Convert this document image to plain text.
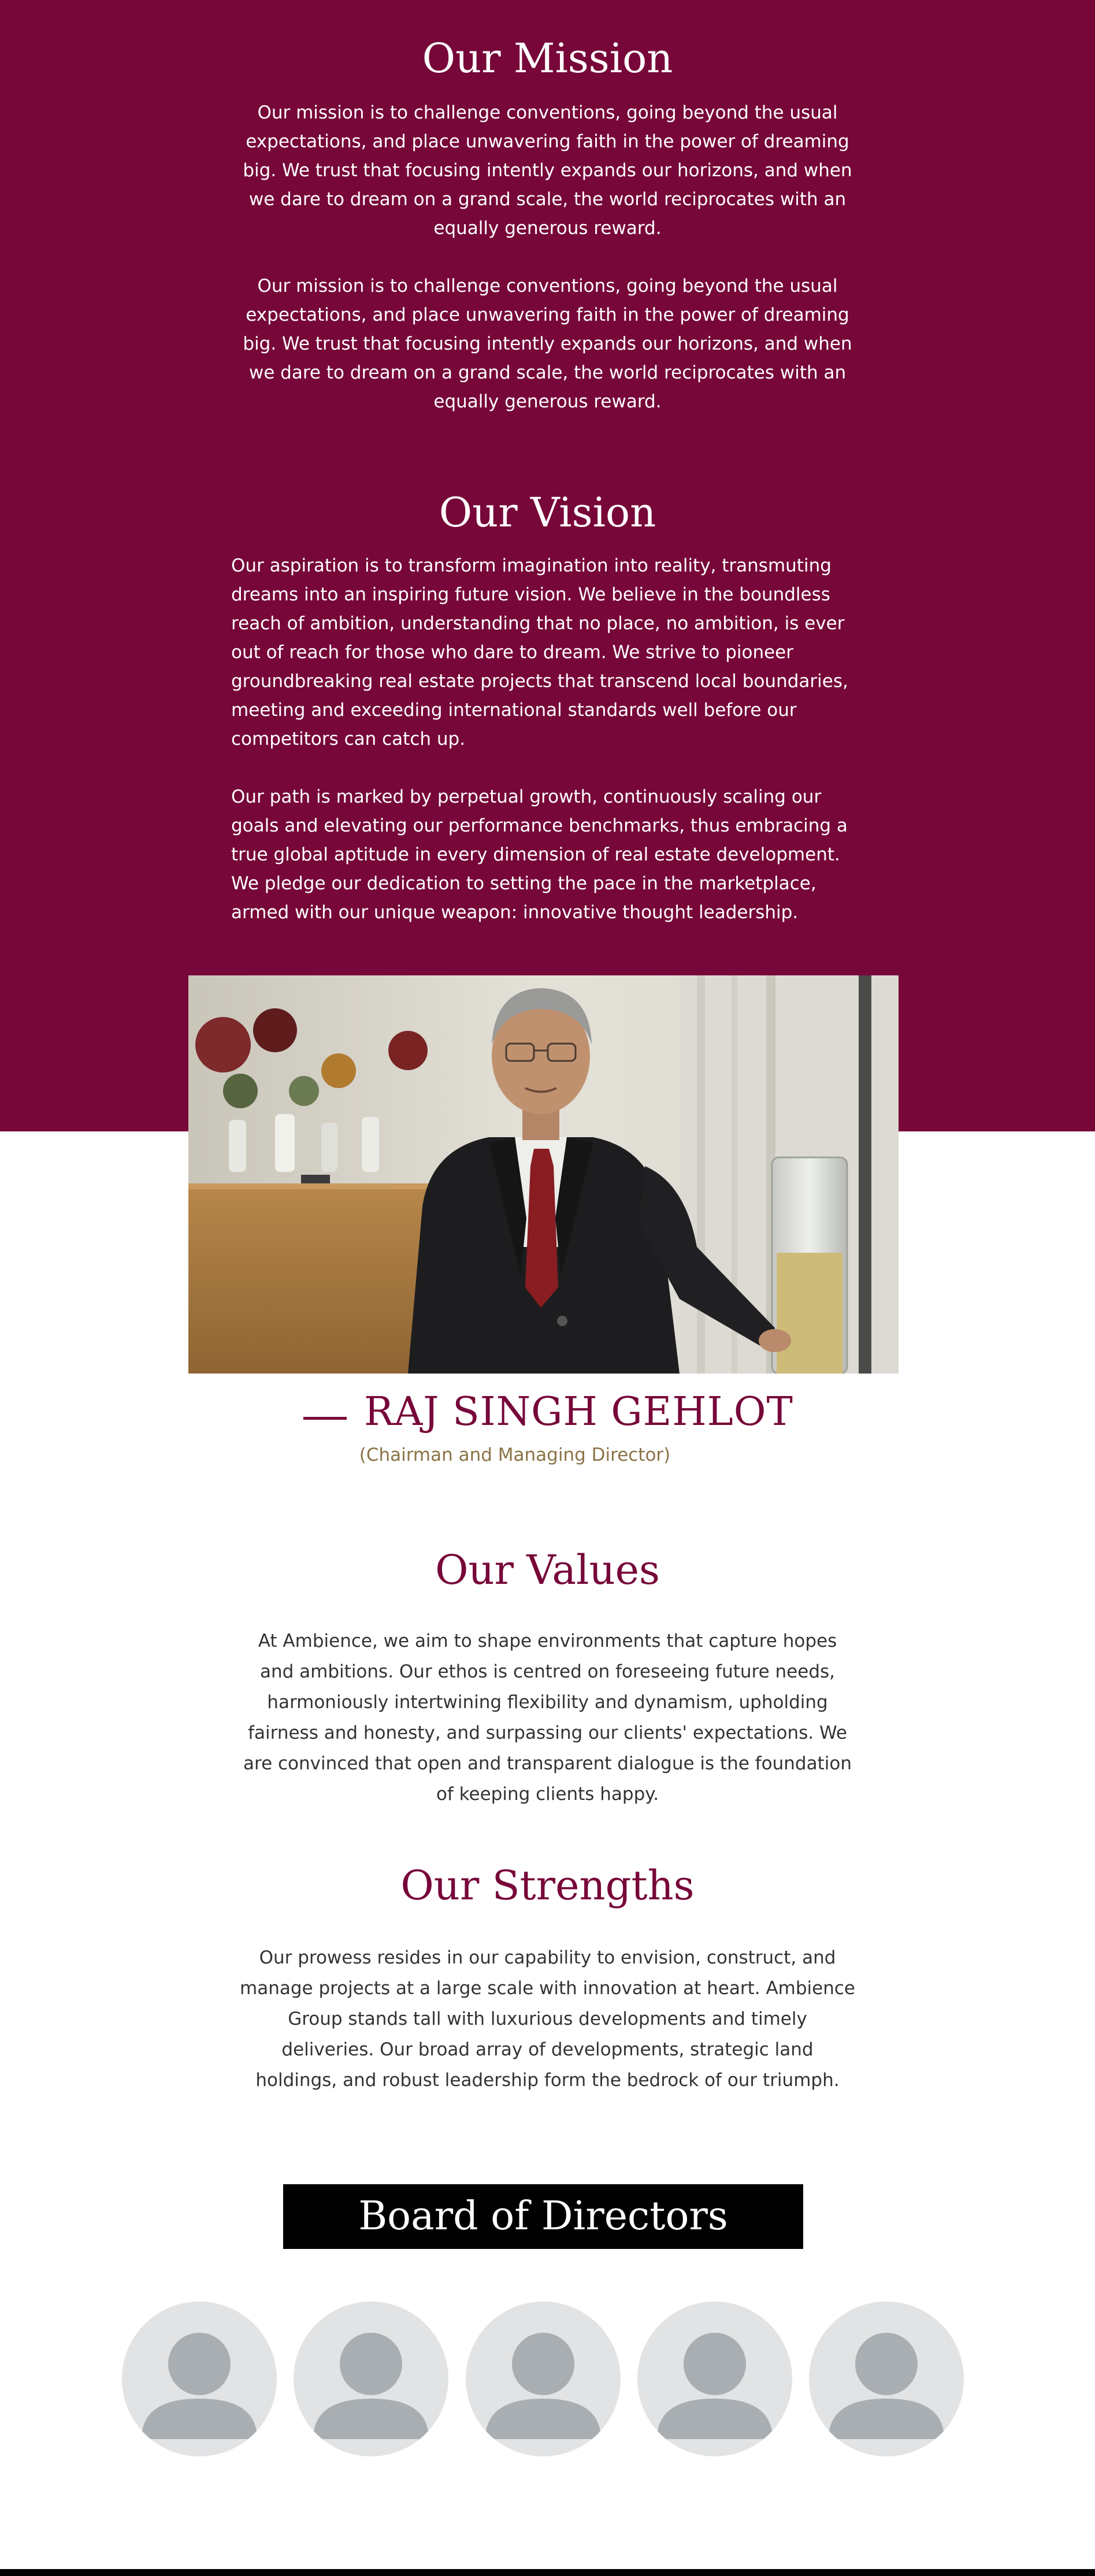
Our Mission

Our mission is to challenge conventions, going beyond the usual expectations, and place unwavering faith in the power of dreaming big. We trust that focusing intently expands our horizons, and when we dare to dream on a grand scale, the world reciprocates with an equally generous reward.

Our mission is to challenge conventions, going beyond the usual expectations, and place unwavering faith in the power of dreaming big. We trust that focusing intently expands our horizons, and when we dare to dream on a grand scale, the world reciprocates with an equally generous reward.

Our Vision

Our aspiration is to transform imagination into reality, transmuting dreams into an inspiring future vision. We believe in the boundless reach of ambition, understanding that no place, no ambition, is ever out of reach for those who dare to dream. We strive to pioneer groundbreaking real estate projects that transcend local boundaries, meeting and exceeding international standards well before our competitors can catch up.

Our path is marked by perpetual growth, continuously scaling our goals and elevating our performance benchmarks, thus embracing a true global aptitude in every dimension of real estate development. We pledge our dedication to setting the pace in the marketplace, armed with our unique weapon: innovative thought leadership.

RAJ SINGH GEHLOT

(Chairman and Managing Director)

Our Values

At Ambience, we aim to shape environments that capture hopes and ambitions. Our ethos is centred on foreseeing future needs, harmoniously intertwining flexibility and dynamism, upholding fairness and honesty, and surpassing our clients' expectations. We are convinced that open and transparent dialogue is the foundation of keeping clients happy.

Our Strengths

Our prowess resides in our capability to envision, construct, and manage projects at a large scale with innovation at heart. Ambience Group stands tall with luxurious developments and timely deliveries. Our broad array of developments, strategic land holdings, and robust leadership form the bedrock of our triumph.

Board of Directors
